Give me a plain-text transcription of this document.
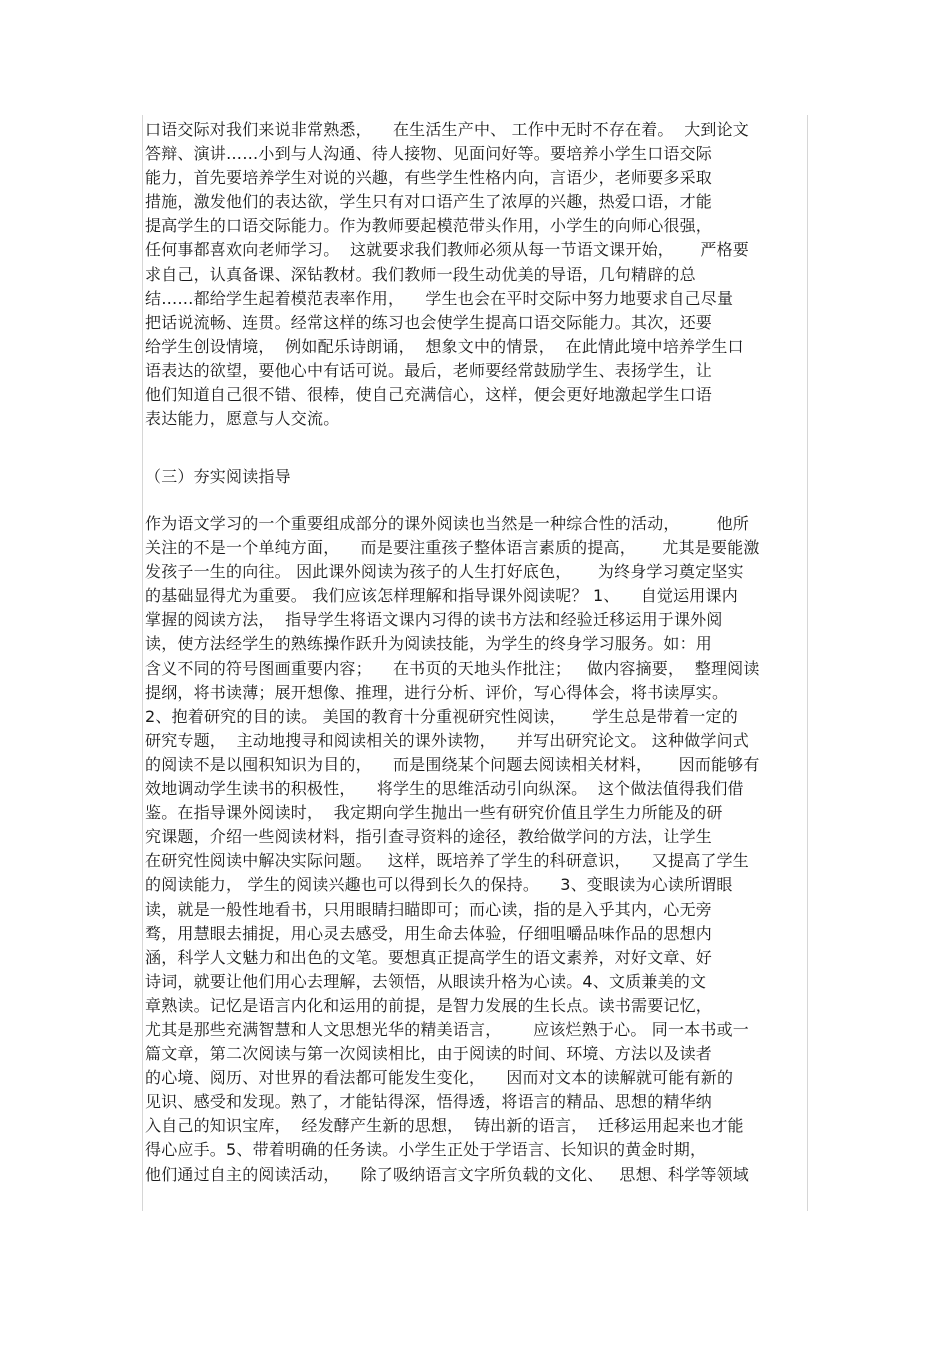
口语交际对我们来说非常熟悉，    在生活生产中、 工作中无时不存在着。  大到论文
答辩、演讲……小到与人沟通、待人接物、见面问好等。要培养小学生口语交际
能力，首先要培养学生对说的兴趣，有些学生性格内向，言语少，老师要多采取
措施，激发他们的表达欲，学生只有对口语产生了浓厚的兴趣，热爱口语，才能
提高学生的口语交际能力。作为教师要起模范带头作用，小学生的向师心很强，
任何事都喜欢向老师学习。  这就要求我们教师必须从每一节语文课开始，     严格要
求自己，认真备课、深钻教材。我们教师一段生动优美的导语，几句精辟的总
结……都给学生起着模范表率作用，    学生也会在平时交际中努力地要求自己尽量
把话说流畅、连贯。经常这样的练习也会使学生提高口语交际能力。其次，还要
给学生创设情境，  例如配乐诗朗诵，  想象文中的情景，  在此情此境中培养学生口
语表达的欲望，要他心中有话可说。最后，老师要经常鼓励学生、表扬学生，让
他们知道自己很不错、很棒，使自己充满信心，这样，便会更好地激起学生口语
表达能力，愿意与人交流。
（三）夯实阅读指导
作为语文学习的一个重要组成部分的课外阅读也当然是一种综合性的活动，       他所
关注的不是一个单纯方面，    而是要注重孩子整体语言素质的提高，     尤其是要能激
发孩子一生的向往。 因此课外阅读为孩子的人生打好底色，     为终身学习奠定坚实
的基础显得尤为重要。 我们应该怎样理解和指导课外阅读呢？ 1、    自觉运用课内
掌握的阅读方法，  指导学生将语文课内习得的读书方法和经验迁移运用于课外阅
读，使方法经学生的熟练操作跃升为阅读技能，为学生的终身学习服务。如：用
含义不同的符号图画重要内容；    在书页的天地头作批注；   做内容摘要，  整理阅读
提纲，将书读薄；展开想像、推理，进行分析、评价，写心得体会，将书读厚实。
2、抱着研究的目的读。 美国的教育十分重视研究性阅读，     学生总是带着一定的
研究专题，  主动地搜寻和阅读相关的课外读物，    并写出研究论文。 这种做学问式
的阅读不是以囤积知识为目的，    而是围绕某个问题去阅读相关材料，     因而能够有
效地调动学生读书的积极性，    将学生的思维活动引向纵深。  这个做法值得我们借
鉴。在指导课外阅读时，  我定期向学生抛出一些有研究价值且学生力所能及的研
究课题，介绍一些阅读材料，指引查寻资料的途径，教给做学问的方法，让学生
在研究性阅读中解决实际问题。   这样，既培养了学生的科研意识，    又提高了学生
的阅读能力， 学生的阅读兴趣也可以得到长久的保持。    3、变眼读为心读所谓眼
读，就是一般性地看书，只用眼睛扫瞄即可；而心读，指的是入乎其内，心无旁
骛，用慧眼去捕捉，用心灵去感受，用生命去体验，仔细咀嚼品味作品的思想内
涵，科学人文魅力和出色的文笔。要想真正提高学生的语文素养，对好文章、好
诗词，就要让他们用心去理解，去领悟，从眼读升格为心读。4、文质兼美的文
章熟读。记忆是语言内化和运用的前提，是智力发展的生长点。读书需要记忆，
尤其是那些充满智慧和人文思想光华的精美语言，      应该烂熟于心。 同一本书或一
篇文章，第二次阅读与第一次阅读相比，由于阅读的时间、环境、方法以及读者
的心境、阅历、对世界的看法都可能发生变化，    因而对文本的读解就可能有新的
见识、感受和发现。熟了，才能钻得深，悟得透，将语言的精品、思想的精华纳
入自己的知识宝库，  经发酵产生新的思想，  铸出新的语言，  迁移运用起来也才能
得心应手。5、带着明确的任务读。小学生正处于学语言、长知识的黄金时期，
他们通过自主的阅读活动，    除了吸纳语言文字所负载的文化、   思想、科学等领域
